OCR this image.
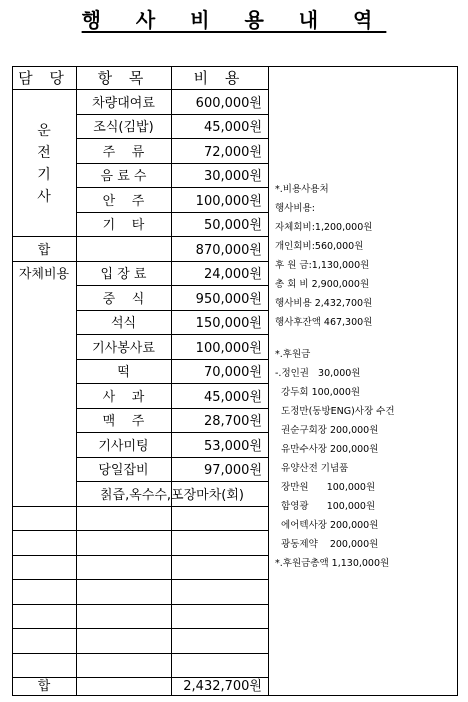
행 사 비 용 내 역
담 당	항 목	비 용
운
전
기
사
차량대여료	600,000원
조식(김밥)	45,000원
주    류	72,000원
음 료 수	30,000원
안    주	100,000원
기    타	50,000원
합	870,000원
자체비용	입 장 료	24,000원
중    식	950,000원
석식	150,000원
기사봉사료	100,000원
떡	70,000원
사    과	45,000원
맥    주	28,700원
기사미팅	53,000원
당일잡비	97,000원
칡즙,옥수수,포장마차(회)
합	2,432,700원
*.비용사용처
행사비용:
자체회비:1,200,000원
개인회비:560,000원
후 원 금:1,130,000원
총 회 비 2,900,000원
행사비용 2,432,700원
행사후잔액 467,300원
*.후원금
-.정인권   30,000원
강두회 100,000원
도정만(동방ENG)사장 수건
권순구회장 200,000원
유만수사장 200,000원
유양산전 기념품
장만원      100,000원
함영광      100,000원
에어텍사장 200,000원
광동제약    200,000원
*.후원금총액 1,130,000원
